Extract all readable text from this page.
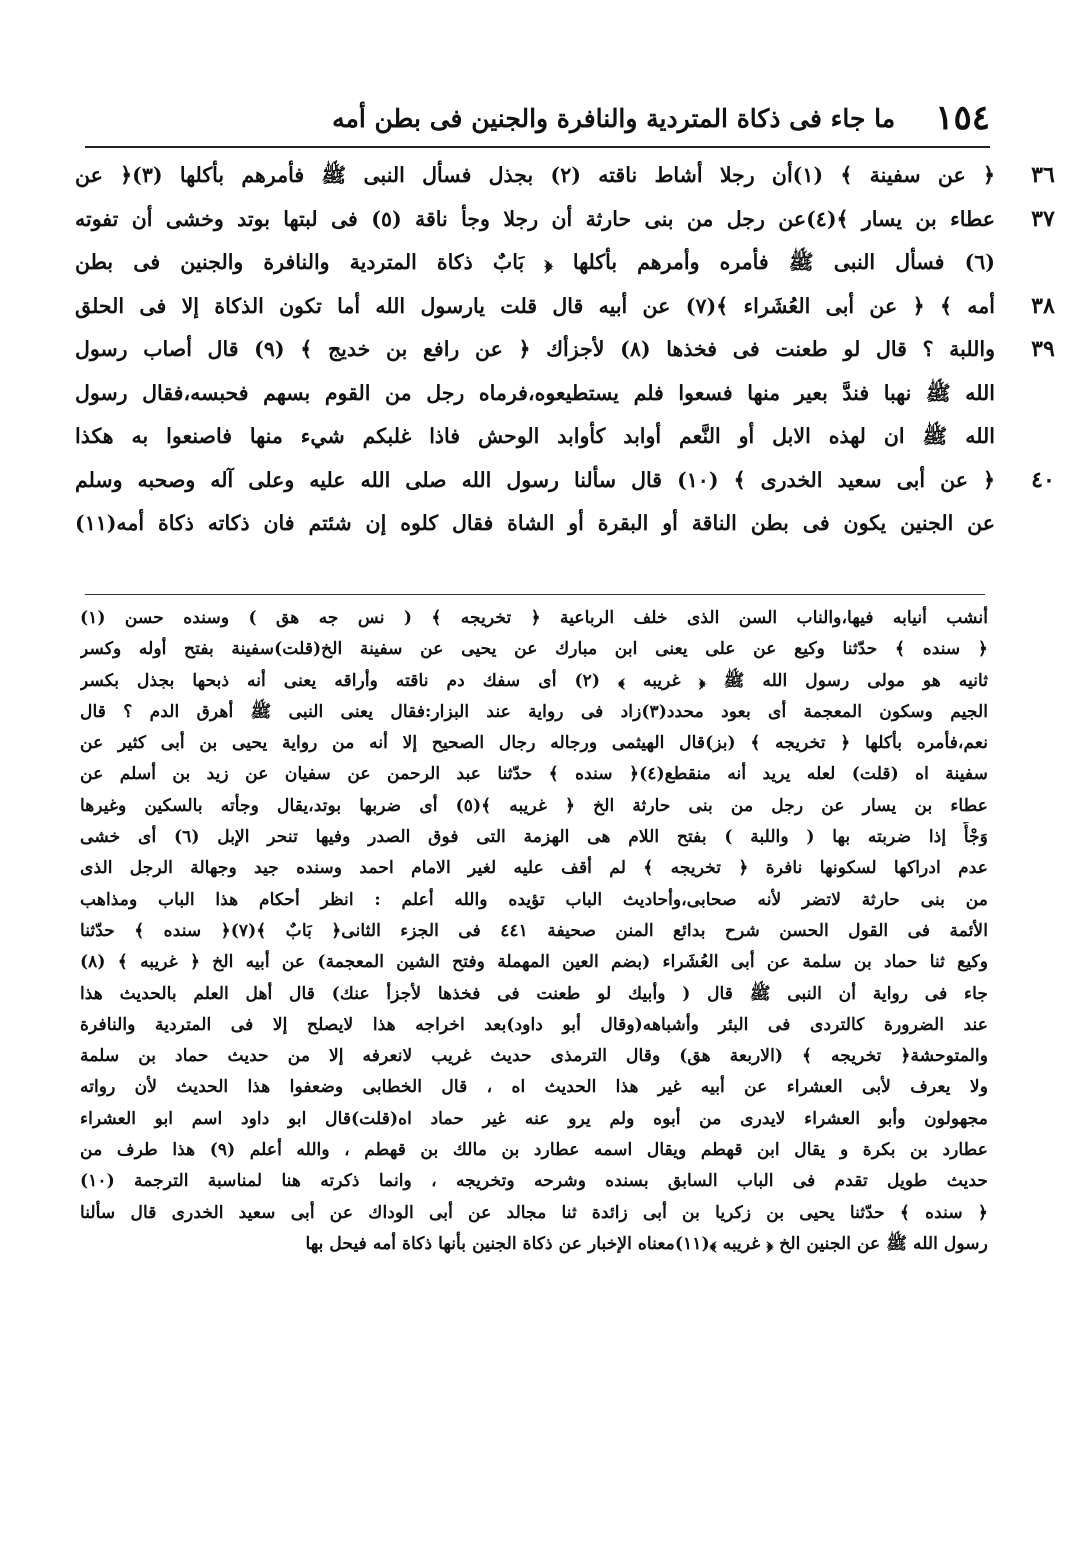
١٥٤
ما جاء فى ذكاة المتردية والنافرة والجنين فى بطن أمه
٣٦
﴿ عن سفينة ﴾ (١)أن رجلا أشاط ناقته (٢) بجذل فسأل النبى ﷺ فأمرهم بأكلها (٣)﴿ عن
٣٧
عطاء بن يسار ﴾(٤)عن رجل من بنى حارثة أن رجلا وجأ ناقة (٥) فى لبتها بوتد وخشى أن تفوته
(٦) فسأل النبى ﷺ فأمره وأمرهم بأكلها ﴿ بَابٌ ذكاة المتردية والنافرة والجنين فى بطن
٣٨
أمه ﴾ ﴿ عن أبى العُشَراء ﴾(٧) عن أبيه قال قلت يارسول الله أما تكون الذكاة إلا فى الحلق
٣٩
واللبة ؟ قال لو طعنت فى فخذها (٨) لأجزأك ﴿ عن رافع بن خديج ﴾ (٩) قال أصاب رسول
الله ﷺ نهبا فندَّ بعير منها فسعوا فلم يستطيعوه،فرماه رجل من القوم بسهم فحبسه،فقال رسول
الله ﷺ ان لهذه الابل أو النَّعم أوابد كأوابد الوحش فاذا غلبكم شيء منها فاصنعوا به هكذا
٤٠
﴿ عن أبى سعيد الخدرى ﴾ (١٠) قال سألنا رسول الله صلى الله عليه وعلى آله وصحبه وسلم
عن الجنين يكون فى بطن الناقة أو البقرة أو الشاة فقال كلوه إن شئتم فان ذكاته ذكاة أمه(١١)
أنشب أنيابه فيها،والناب السن الذى خلف الرباعية ﴿ تخريجه ﴾ ( نس جه هق ) وسنده حسن (١)
﴿ سنده ﴾ حدّثنا وكيع عن على يعنى ابن مبارك عن يحيى عن سفينة الخ(قلت)سفينة بفتح أوله وكسر
ثانيه هو مولى رسول الله ﷺ ﴿ غريبه ﴾ (٢) أى سفك دم ناقته وأراقه يعنى أنه ذبحها بجذل بكسر
الجيم وسكون المعجمة أى بعود محدد(٣)زاد فى رواية عند البزار:فقال يعنى النبى ﷺ أهرق الدم ؟ قال
نعم،فأمره بأكلها ﴿ تخريجه ﴾ (بز)قال الهيثمى ورجاله رجال الصحيح إلا أنه من رواية يحيى بن أبى كثير عن
سفينة اه (قلت) لعله يريد أنه منقطع(٤)﴿ سنده ﴾ حدّثنا عبد الرحمن عن سفيان عن زيد بن أسلم عن
عطاء بن يسار عن رجل من بنى حارثة الخ ﴿ غريبه ﴾(٥) أى ضربها بوتد،يقال وجأته بالسكين وغيرها
وَجْأً إذا ضربته بها ( واللبة ) بفتح اللام هى الهزمة التى فوق الصدر وفيها تنحر الإبل (٦) أى خشى
عدم ادراكها لسكونها نافرة ﴿ تخريجه ﴾ لم أقف عليه لغير الامام احمد وسنده جيد وجهالة الرجل الذى
من بنى حارثة لاتضر لأنه صحابى،وأحاديث الباب تؤيده والله أعلم : انظر أحكام هذا الباب ومذاهب
الأئمة فى القول الحسن شرح بدائع المنن صحيفة ٤٤١ فى الجزء الثانى﴿ بَابٌ ﴾(٧)﴿ سنده ﴾ حدّثنا
وكيع ثنا حماد بن سلمة عن أبى العُشَراء (بضم العين المهملة وفتح الشين المعجمة) عن أبيه الخ ﴿ غريبه ﴾ (٨)
جاء فى رواية أن النبى ﷺ قال ( وأبيك لو طعنت فى فخذها لأجزأ عنك) قال أهل العلم بالحديث هذا
عند الضرورة كالتردى فى البئر وأشباهه(وقال أبو داود)بعد اخراجه هذا لايصلح إلا فى المتردية والنافرة
والمتوحشة﴿ تخريجه ﴾ (الاربعة هق) وقال الترمذى حديث غريب لانعرفه إلا من حديث حماد بن سلمة
ولا يعرف لأبى العشراء عن أبيه غير هذا الحديث اه ، قال الخطابى وضعفوا هذا الحديث لأن رواته
مجهولون وأبو العشراء لايدرى من أبوه ولم يرو عنه غير حماد اه(قلت)قال ابو داود اسم ابو العشراء
عطارد بن بكرة و يقال ابن قهطم ويقال اسمه عطارد بن مالك بن قهطم ، والله أعلم (٩) هذا طرف من
حديث طويل تقدم فى الباب السابق بسنده وشرحه وتخريجه ، وانما ذكرته هنا لمناسبة الترجمة (١٠)
﴿ سنده ﴾ حدّثنا يحيى بن زكريا بن أبى زائدة ثنا مجالد عن أبى الوداك عن أبى سعيد الخدرى قال سألنا
رسول الله ﷺ عن الجنين الخ ﴿ غريبه ﴾(١١)معناه الإخبار عن ذكاة الجنين بأنها ذكاة أمه فيحل بها
